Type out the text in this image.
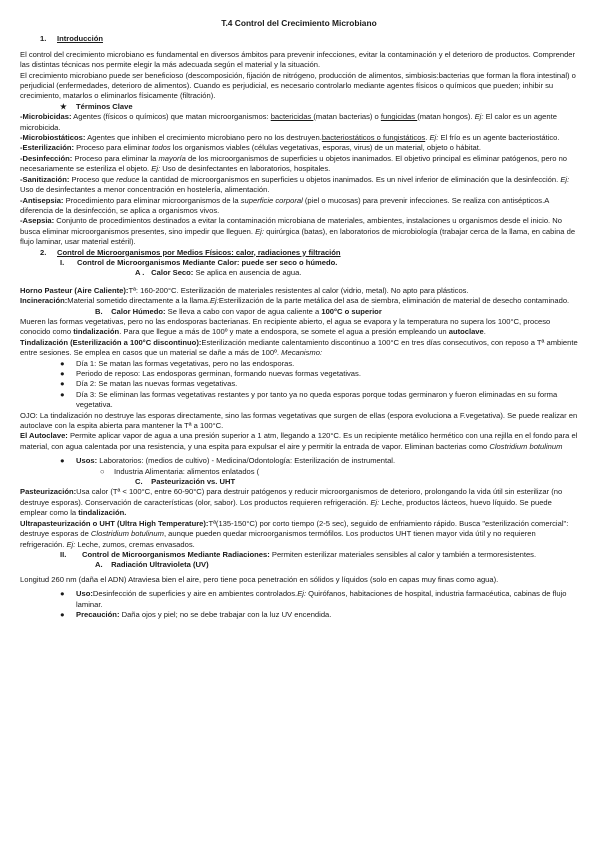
T.4 Control del Crecimiento Microbiano

1. Introducción

El control del crecimiento microbiano es fundamental en diversos ámbitos para prevenir infecciones, evitar la contaminación y el deterioro de productos. Comprender las distintas técnicas nos permite elegir la más adecuada según el material y la situación.

El crecimiento microbiano puede ser beneficioso (descomposición, fijación de nitrógeno, producción de alimentos, simbiosis:bacterias que forman la flora intestinal) o perjudicial (enfermedades, deterioro de alimentos). Cuando es perjudicial, es necesario controlarlo mediante agentes físicos o químicos que pueden; inhibir su crecimiento, matarlos o eliminarlos físicamente (filtración).

★ Términos Clave

-Microbicidas: Agentes (físicos o químicos) que matan microorganismos: bactericidas (matan bacterias) o fungicidas (matan hongos). Ej: El calor es un agente microbicida.

-Microbiostáticos: Agentes que inhiben el crecimiento microbiano pero no los destruyen.bacteriostáticos o fungistáticos. Ej: El frío es un agente bacteriostático.

-Esterilización: Proceso para eliminar todos los organismos viables (células vegetativas, esporas, virus) de un material, objeto o hábitat.

-Desinfección: Proceso para eliminar la mayoría de los microorganismos de superficies u objetos inanimados. El objetivo principal es eliminar patógenos, pero no necesariamente se esteriliza el objeto. Ej: Uso de desinfectantes en laboratorios, hospitales.

-Sanitización: Proceso que reduce la cantidad de microorganismos en superficies u objetos inanimados. Es un nivel inferior de eliminación que la desinfección. Ej: Uso de desinfectantes a menor concentración en hostelería, alimentación.

-Antisepsia: Procedimiento para eliminar microorganismos de la superficie corporal (piel o mucosas) para prevenir infecciones. Se realiza con antisépticos.A diferencia de la desinfección, se aplica a organismos vivos.

-Asepsia: Conjunto de procedimientos destinados a evitar la contaminación microbiana de materiales, ambientes, instalaciones u organismos desde el inicio. No busca eliminar microorganismos presentes, sino impedir que lleguen. Ej: quirúrgica (batas), en laboratorios de microbiología (trabajar cerca de la llama, en cabina de flujo laminar, usar material estéril).

2. Control de Microorganismos por Medios Físicos: calor, radiaciones y filtración

I. Control de Microorganismos Mediante Calor: puede ser seco o húmedo.

A . Calor Seco: Se aplica en ausencia de agua.

Horno Pasteur (Aire Caliente):Tª: 160-200°C. Esterilización de materiales resistentes al calor (vidrio, metal). No apto para plásticos.

Incineración:Material sometido directamente a la llama.Ej:Esterilización de la parte metálica del asa de siembra, eliminación de material de desecho contaminado.

B. Calor Húmedo: Se lleva a cabo con vapor de agua caliente a 100°C o superior

Mueren las formas vegetativas, pero no las endosporas bacterianas. En recipiente abierto, el agua se evapora y la temperatura no supera los 100°C, proceso conocido como tindalización. Para que llegue a más de 100º y mate a endospora, se somete el agua a presión empleando un autoclave.

Tindalización (Esterilización a 100°C discontinuo):Esterilización mediante calentamiento discontinuo a 100°C en tres días consecutivos, con reposo a Tª ambiente entre sesiones. Se emplea en casos que un material se dañe a más de 100º. Mecanismo:

●	Día 1: Se matan las formas vegetativas, pero no las endosporas.
●	Periodo de reposo: Las endosporas germinan, formando nuevas formas vegetativas.
●	Día 2: Se matan las nuevas formas vegetativas.
●	Día 3: Se eliminan las formas vegetativas restantes y por tanto ya no queda esporas porque todas germinaron y fueron eliminadas en su forma vegetativa.

OJO: La tindalización no destruye las esporas directamente, sino las formas vegetativas que surgen de ellas (espora evoluciona a F.vegetativa). Se puede realizar en autoclave con la espita abierta para mantener la Tª a 100°C.

El Autoclave: Permite aplicar vapor de agua a una presión superior a 1 atm, llegando a 120°C. Es un recipiente metálico hermético con una rejilla en el fondo para el material, con agua calentada por una resistencia, y una espita para expulsar el aire y permitir la entrada de vapor. Eliminan bacterias como Clostridium botulinum

●	Usos: Laboratorios: (medios de cultivo) - Medicina/Odontología: Esterilización de instrumental.
○	Industria Alimentaria: alimentos enlatados (

C. Pasteurización vs. UHT

Pasteurización:Usa calor (Tª < 100°C, entre 60-90°C) para destruir patógenos y reducir microorganismos de deterioro, prolongando la vida útil sin esterilizar (no destruye esporas). Conservación de características (olor, sabor). Los productos requieren refrigeración. Ej: Leche, productos lácteos, huevo líquido. Se puede emplear como la tindalización.

Ultrapasteurización o UHT (Ultra High Temperature):Tª(135-150°C) por corto tiempo (2-5 sec), seguido de enfriamiento rápido. Busca "esterilización comercial": destruye esporas de Clostridium botulinum, aunque pueden quedar microorganismos termófilos. Los productos UHT tienen mayor vida útil y no requieren refrigeración. Ej: Leche, zumos, cremas envasados.

II.	Control de Microorganismos Mediante Radiaciones: Permiten esterilizar materiales sensibles al calor y también a termoresistentes.

A. Radiación Ultravioleta (UV)

Longitud 260 nm (daña el ADN) Atraviesa bien el aire, pero tiene poca penetración en sólidos y líquidos (solo en capas muy finas como agua).

●	Uso:Desinfección de superficies y aire en ambientes controlados.Ej: Quirófanos, habitaciones de hospital, industria farmacéutica, cabinas de flujo laminar.
●	Precaución: Daña ojos y piel; no se debe trabajar con la luz UV encendida.
